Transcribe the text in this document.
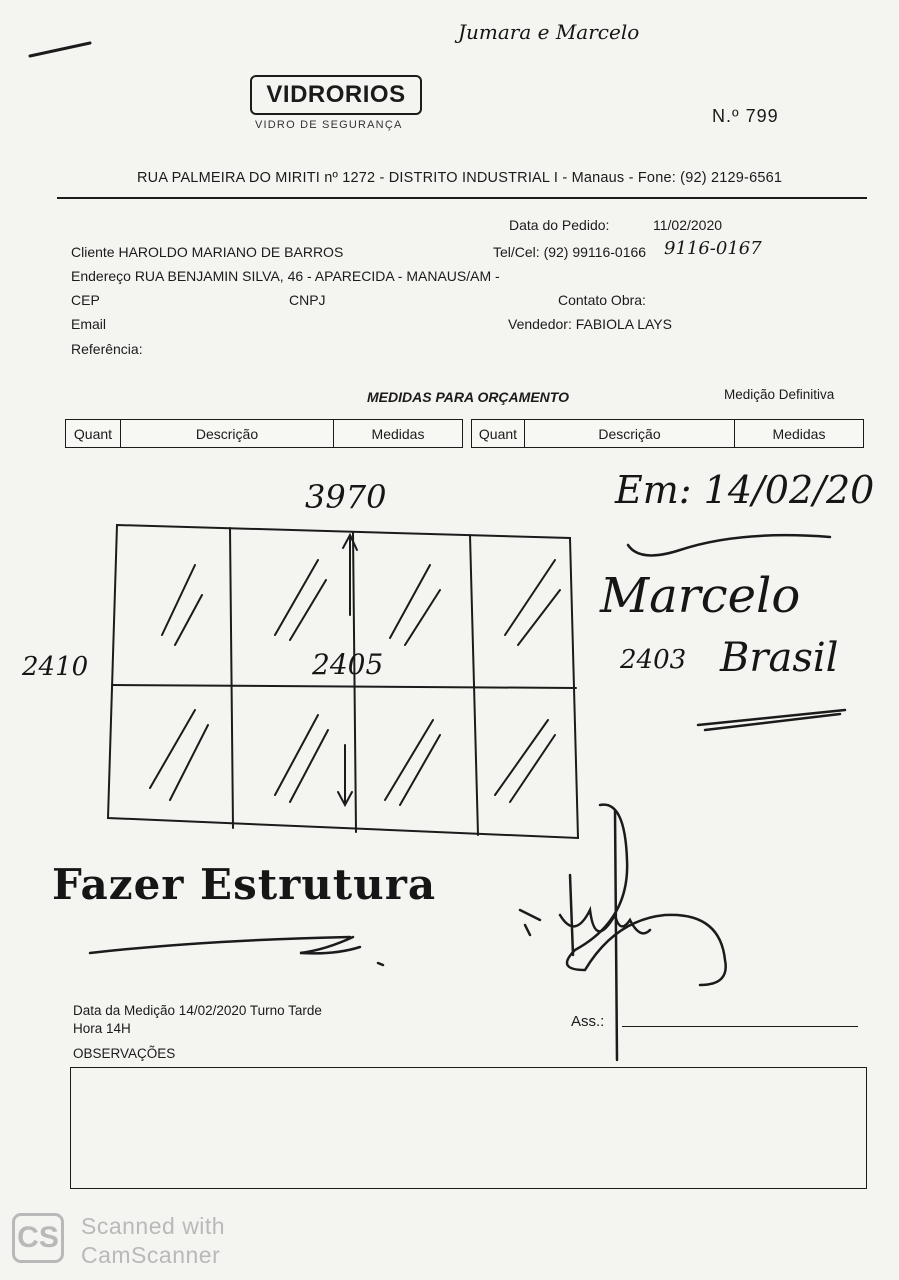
Jumara e Marcelo
VIDRORIOS
VIDRO DE SEGURANÇA	N.º 799
RUA PALMEIRA DO MIRITI nº 1272 - DISTRITO INDUSTRIAL I - Manaus - Fone: (92) 2129-6561
Data do Pedido:	11/02/2020
Cliente HAROLDO MARIANO DE BARROS	Tel/Cel: (92) 99116-0166 9116-0167
Endereço RUA BENJAMIN SILVA, 46 - APARECIDA - MANAUS/AM -
CEP	CNPJ	Contato Obra:
Email	Vendedor: FABIOLA LAYS
Referência:
MEDIDAS PARA ORÇAMENTO	Medição Definitiva
Quant	Descrição	Medidas	Quant	Descrição	Medidas
3970
2410	2405
Em: 14/02/20
Marcelo
2403 Brasil
Fazer Estrutura
Data da Medição 14/02/2020 Turno Tarde
Hora 14H
OBSERVAÇÕES
Ass.:
CS Scanned with
CamScanner
